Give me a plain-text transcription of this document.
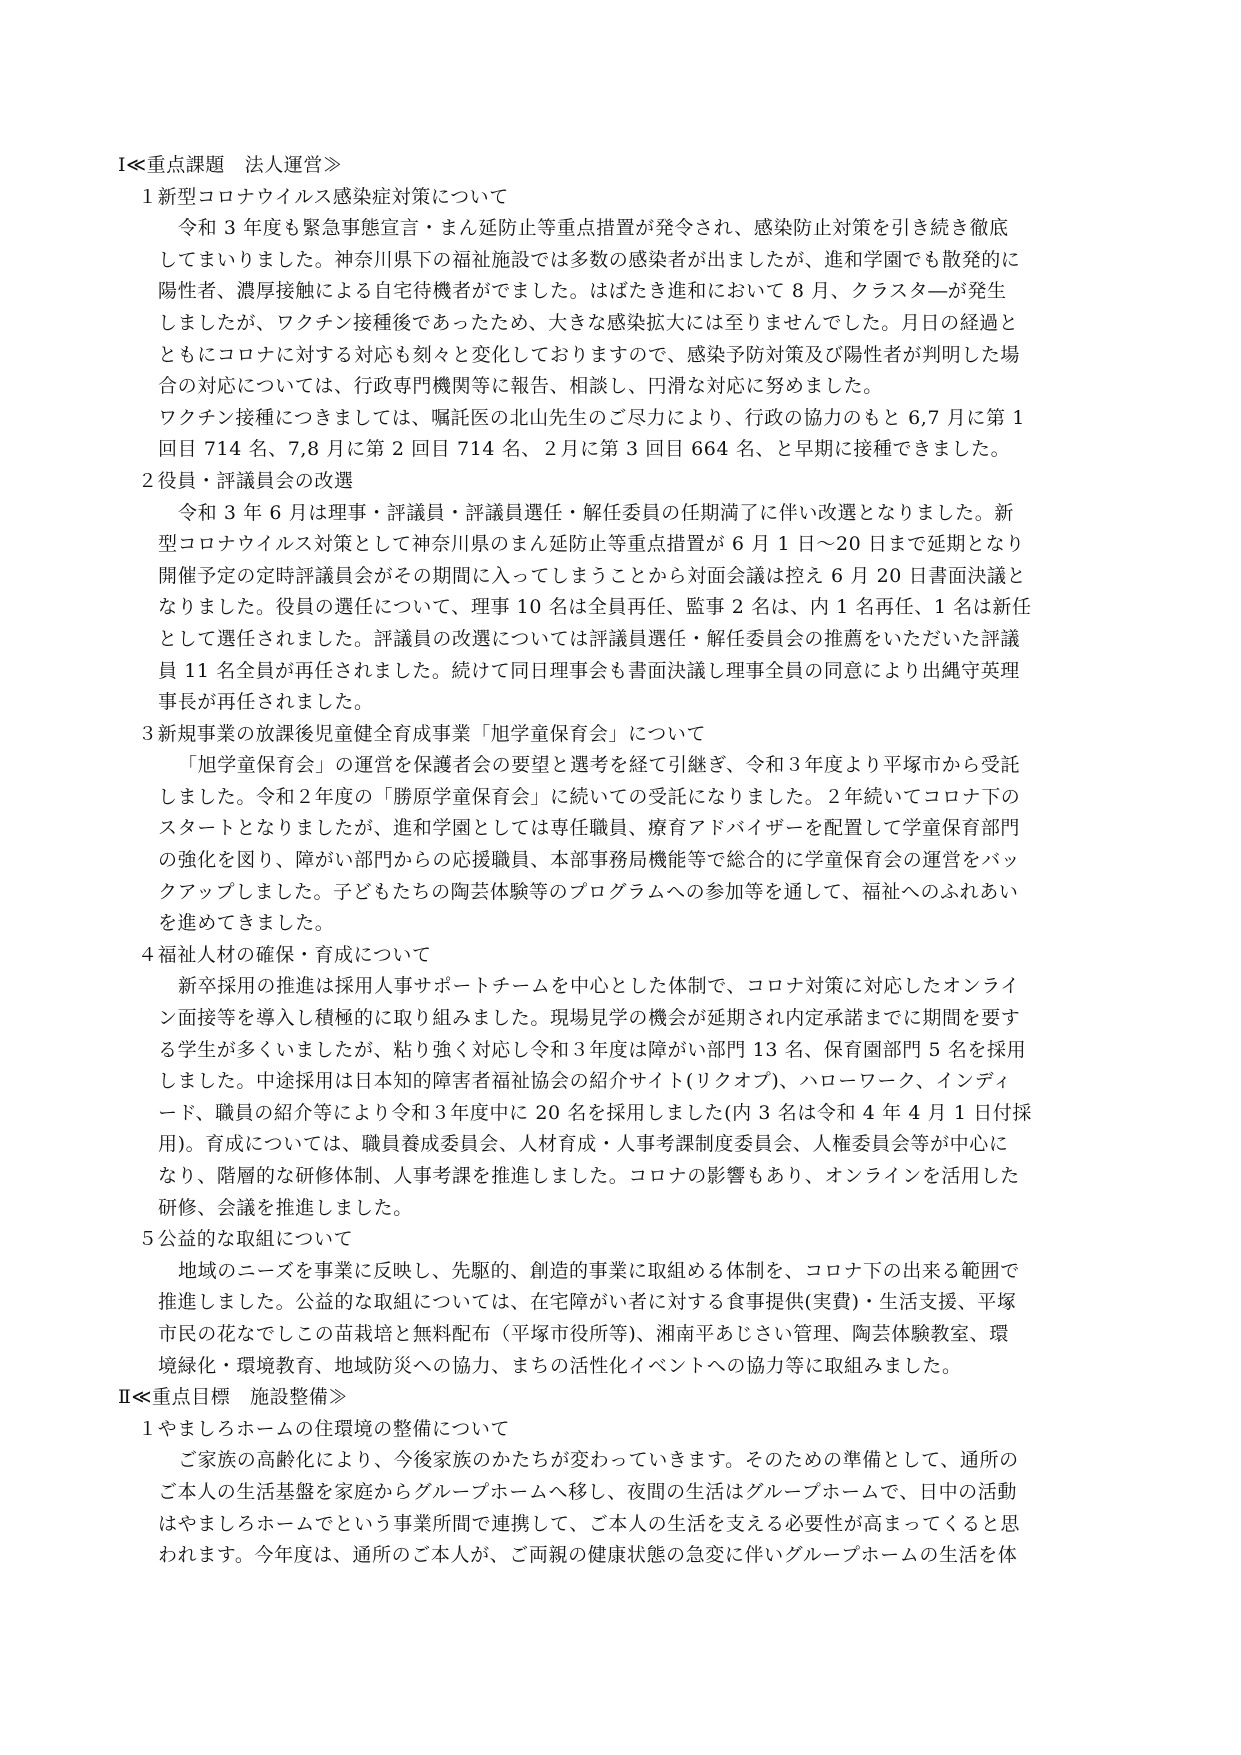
Ⅰ≪重点課題　法人運営≫
１新型コロナウイルス感染症対策について
令和 3 年度も緊急事態宣言・まん延防止等重点措置が発令され、感染防止対策を引き続き徹底
してまいりました。神奈川県下の福祉施設では多数の感染者が出ましたが、進和学園でも散発的に
陽性者、濃厚接触による自宅待機者がでました。はばたき進和において 8 月、クラスタ―が発生
しましたが、ワクチン接種後であったため、大きな感染拡大には至りませんでした。月日の経過と
ともにコロナに対する対応も刻々と変化しておりますので、感染予防対策及び陽性者が判明した場
合の対応については、行政専門機関等に報告、相談し、円滑な対応に努めました。
ワクチン接種につきましては、嘱託医の北山先生のご尽力により、行政の協力のもと 6,7 月に第 1
回目 714 名、7,8 月に第 2 回目 714 名、２月に第 3 回目 664 名、と早期に接種できました。
２役員・評議員会の改選
令和 3 年 6 月は理事・評議員・評議員選任・解任委員の任期満了に伴い改選となりました。新
型コロナウイルス対策として神奈川県のまん延防止等重点措置が 6 月 1 日～20 日まで延期となり
開催予定の定時評議員会がその期間に入ってしまうことから対面会議は控え 6 月 20 日書面決議と
なりました。役員の選任について、理事 10 名は全員再任、監事 2 名は、内 1 名再任、1 名は新任
として選任されました。評議員の改選については評議員選任・解任委員会の推薦をいただいた評議
員 11 名全員が再任されました。続けて同日理事会も書面決議し理事全員の同意により出縄守英理
事長が再任されました。
３新規事業の放課後児童健全育成事業「旭学童保育会」について
「旭学童保育会」の運営を保護者会の要望と選考を経て引継ぎ、令和３年度より平塚市から受託
しました。令和２年度の「勝原学童保育会」に続いての受託になりました。２年続いてコロナ下の
スタートとなりましたが、進和学園としては専任職員、療育アドバイザーを配置して学童保育部門
の強化を図り、障がい部門からの応援職員、本部事務局機能等で総合的に学童保育会の運営をバッ
クアップしました。子どもたちの陶芸体験等のプログラムへの参加等を通して、福祉へのふれあい
を進めてきました。
４福祉人材の確保・育成について
新卒採用の推進は採用人事サポートチームを中心とした体制で、コロナ対策に対応したオンライ
ン面接等を導入し積極的に取り組みました。現場見学の機会が延期され内定承諾までに期間を要す
る学生が多くいましたが、粘り強く対応し令和３年度は障がい部門 13 名、保育園部門 5 名を採用
しました。中途採用は日本知的障害者福祉協会の紹介サイト(リクオプ)、ハローワーク、インディ
ード、職員の紹介等により令和３年度中に 20 名を採用しました(内 3 名は令和 4 年 4 月 1 日付採
用)。育成については、職員養成委員会、人材育成・人事考課制度委員会、人権委員会等が中心に
なり、階層的な研修体制、人事考課を推進しました。コロナの影響もあり、オンラインを活用した
研修、会議を推進しました。
５公益的な取組について
地域のニーズを事業に反映し、先駆的、創造的事業に取組める体制を、コロナ下の出来る範囲で
推進しました。公益的な取組については、在宅障がい者に対する食事提供(実費)・生活支援、平塚
市民の花なでしこの苗栽培と無料配布（平塚市役所等)、湘南平あじさい管理、陶芸体験教室、環
境緑化・環境教育、地域防災への協力、まちの活性化イベントへの協力等に取組みました。
Ⅱ≪重点目標　施設整備≫
１やましろホームの住環境の整備について
ご家族の高齢化により、今後家族のかたちが変わっていきます。そのための準備として、通所の
ご本人の生活基盤を家庭からグループホームへ移し、夜間の生活はグループホームで、日中の活動
はやましろホームでという事業所間で連携して、ご本人の生活を支える必要性が高まってくると思
われます。今年度は、通所のご本人が、ご両親の健康状態の急変に伴いグループホームの生活を体
